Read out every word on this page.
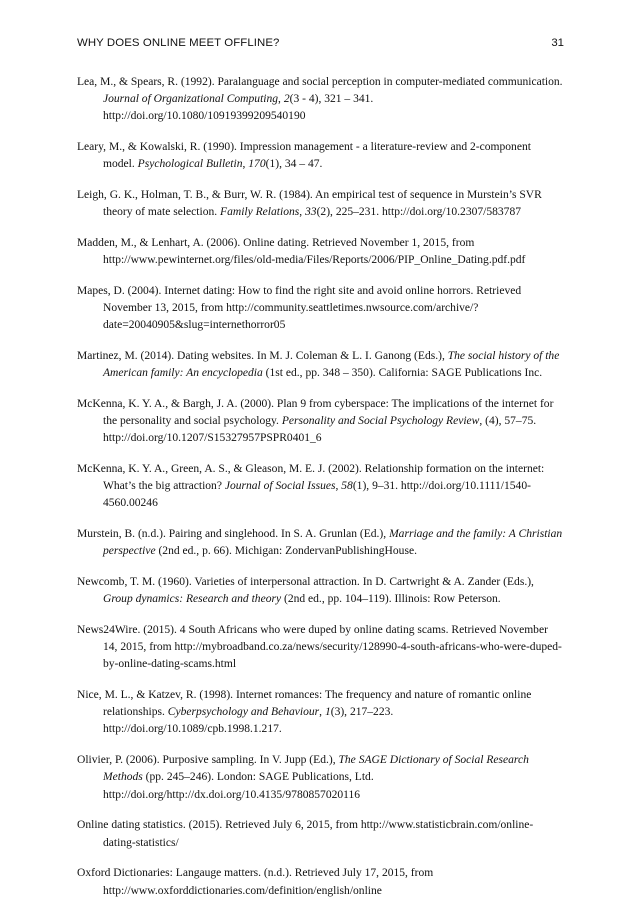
WHY DOES ONLINE MEET OFFLINE?	31

Lea, M., & Spears, R. (1992). Paralanguage and social perception in computer-mediated communication. Journal of Organizational Computing, 2(3 - 4), 321 – 341. http://doi.org/10.1080/10919399209540190

Leary, M., & Kowalski, R. (1990). Impression management - a literature-review and 2-component model. Psychological Bulletin, 170(1), 34 – 47.

Leigh, G. K., Holman, T. B., & Burr, W. R. (1984). An empirical test of sequence in Murstein’s SVR theory of mate selection. Family Relations, 33(2), 225–231. http://doi.org/10.2307/583787

Madden, M., & Lenhart, A. (2006). Online dating. Retrieved November 1, 2015, from http://www.pewinternet.org/files/old-media/Files/Reports/2006/PIP_Online_Dating.pdf.pdf

Mapes, D. (2004). Internet dating: How to find the right site and avoid online horrors. Retrieved November 13, 2015, from http://community.seattletimes.nwsource.com/archive/?date=20040905&slug=internethorror05

Martinez, M. (2014). Dating websites. In M. J. Coleman & L. I. Ganong (Eds.), The social history of the American family: An encyclopedia (1st ed., pp. 348 – 350). California: SAGE Publications Inc.

McKenna, K. Y. A., & Bargh, J. A. (2000). Plan 9 from cyberspace: The implications of the internet for the personality and social psychology. Personality and Social Psychology Review, (4), 57–75. http://doi.org/10.1207/S15327957PSPR0401_6

McKenna, K. Y. A., Green, A. S., & Gleason, M. E. J. (2002). Relationship formation on the internet: What’s the big attraction? Journal of Social Issues, 58(1), 9–31. http://doi.org/10.1111/1540-4560.00246

Murstein, B. (n.d.). Pairing and singlehood. In S. A. Grunlan (Ed.), Marriage and the family: A Christian perspective (2nd ed., p. 66). Michigan: ZondervanPublishingHouse.

Newcomb, T. M. (1960). Varieties of interpersonal attraction. In D. Cartwright & A. Zander (Eds.), Group dynamics: Research and theory (2nd ed., pp. 104–119). Illinois: Row Peterson.

News24Wire. (2015). 4 South Africans who were duped by online dating scams. Retrieved November 14, 2015, from http://mybroadband.co.za/news/security/128990-4-south-africans-who-were-duped-by-online-dating-scams.html

Nice, M. L., & Katzev, R. (1998). Internet romances: The frequency and nature of romantic online relationships. Cyberpsychology and Behaviour, 1(3), 217–223. http://doi.org/10.1089/cpb.1998.1.217.

Olivier, P. (2006). Purposive sampling. In V. Jupp (Ed.), The SAGE Dictionary of Social Research Methods (pp. 245–246). London: SAGE Publications, Ltd. http://doi.org/http://dx.doi.org/10.4135/9780857020116

Online dating statistics. (2015). Retrieved July 6, 2015, from http://www.statisticbrain.com/online-dating-statistics/

Oxford Dictionaries: Langauge matters. (n.d.). Retrieved July 17, 2015, from http://www.oxforddictionaries.com/definition/english/online
